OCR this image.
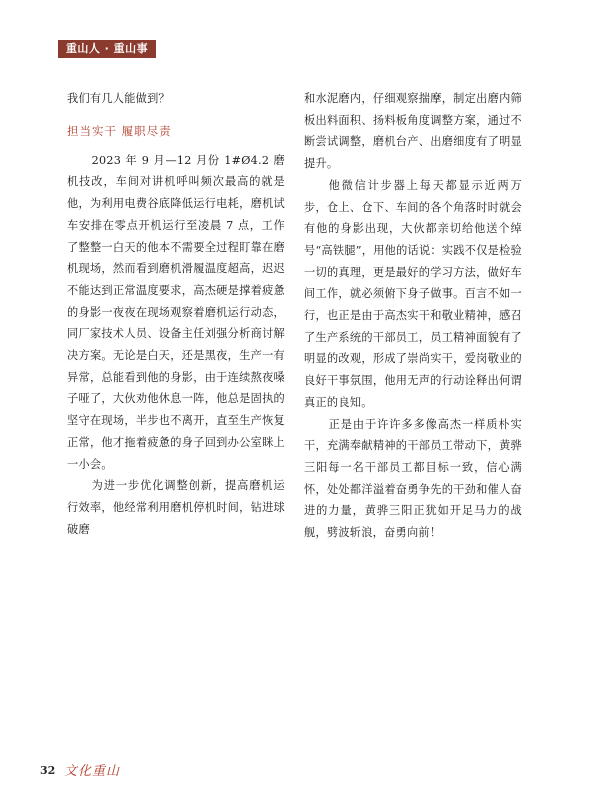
重山人 · 重山事

我们有几人能做到？

担当实干 履职尽责

2023 年 9 月—12 月份 1#Ø4.2 磨机技改，车间对讲机呼叫频次最高的就是他，为利用电费谷底降低运行电耗，磨机试车安排在零点开机运行至凌晨 7 点，工作了整整一白天的他本不需要全过程盯靠在磨机现场，然而看到磨机滑履温度超高，迟迟不能达到正常温度要求，高杰硬是撑着疲惫的身影一夜夜在现场观察着磨机运行动态，同厂家技术人员、设备主任刘强分析商讨解决方案。无论是白天，还是黑夜，生产一有异常，总能看到他的身影，由于连续熬夜嗓子哑了，大伙劝他休息一阵，他总是固执的坚守在现场，半步也不离开，直至生产恢复正常，他才拖着疲惫的身子回到办公室眯上一小会。

为进一步优化调整创新，提高磨机运行效率，他经常利用磨机停机时间，钻进球破磨

和水泥磨内，仔细观察揣摩，制定出磨内筛板出料面积、扬料板角度调整方案，通过不断尝试调整，磨机台产、出磨细度有了明显提升。

他微信计步器上每天都显示近两万步，仓上、仓下、车间的各个角落时时就会有他的身影出现，大伙都亲切给他送个绰号“高铁腿”，用他的话说：实践不仅是检验一切的真理，更是最好的学习方法，做好车间工作，就必须俯下身子做事。百言不如一行，也正是由于高杰实干和敬业精神，感召了生产系统的干部员工，员工精神面貌有了明显的改观，形成了崇尚实干，爱岗敬业的良好干事氛围，他用无声的行动诠释出何谓真正的良知。

正是由于许许多多像高杰一样质朴实干，充满奉献精神的干部员工带动下，黄骅三阳每一名干部员工都目标一致，信心满怀，处处都洋溢着奋勇争先的干劲和催人奋进的力量，黄骅三阳正犹如开足马力的战舰，劈波斩浪，奋勇向前！

32 文化重山
